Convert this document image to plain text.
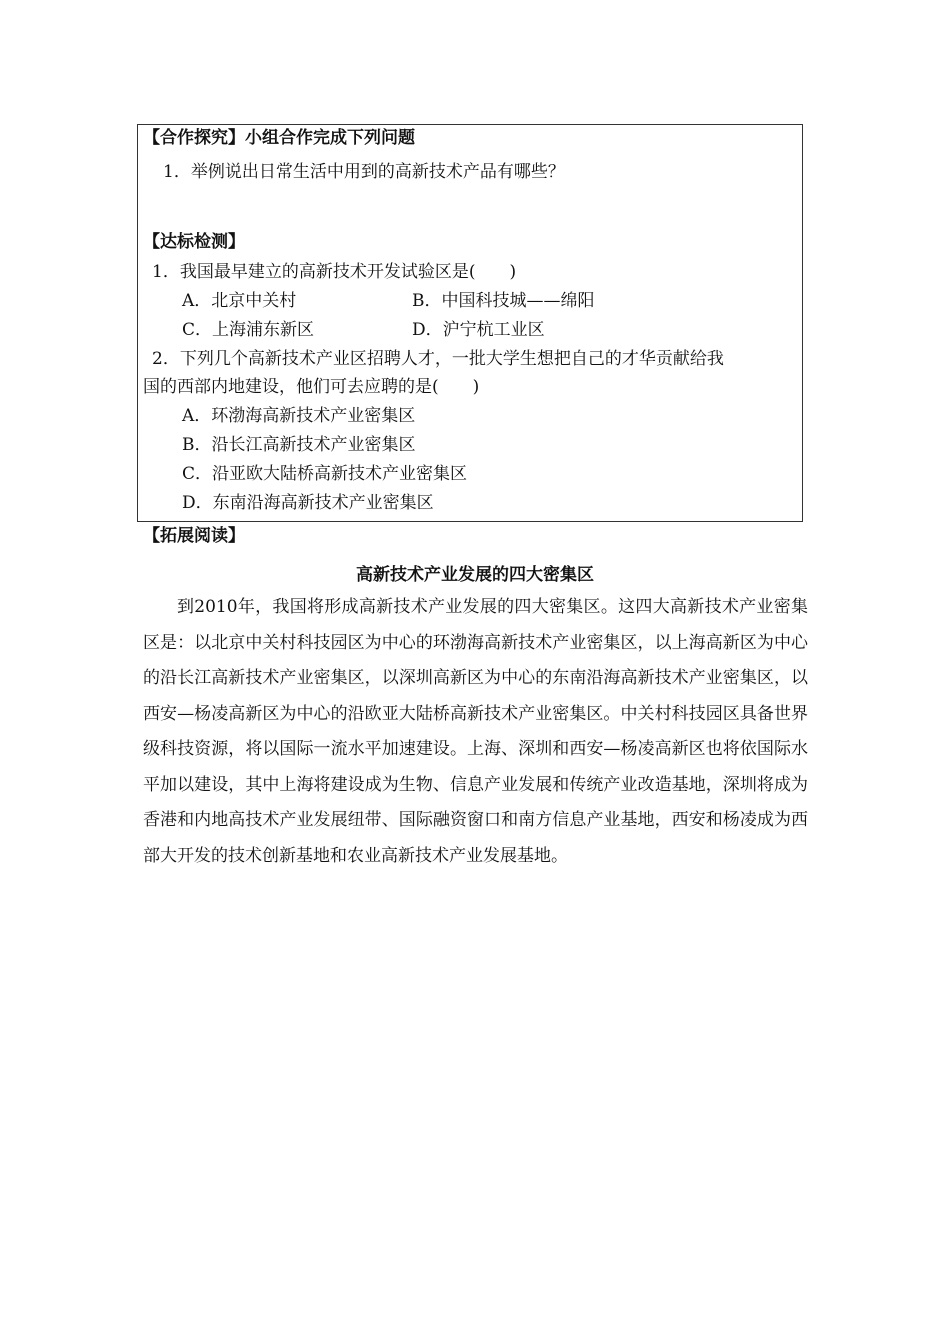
【合作探究】小组合作完成下列问题
1．举例说出日常生活中用到的高新技术产品有哪些？
【达标检测】
1．我国最早建立的高新技术开发试验区是(　　)
A．北京中关村	B．中国科技城——绵阳
C．上海浦东新区	D．沪宁杭工业区
2．下列几个高新技术产业区招聘人才，一批大学生想把自己的才华贡献给我
国的西部内地建设，他们可去应聘的是(　　)
A．环渤海高新技术产业密集区
B．沿长江高新技术产业密集区
C．沿亚欧大陆桥高新技术产业密集区
D．东南沿海高新技术产业密集区
【拓展阅读】
高新技术产业发展的四大密集区
到2010年，我国将形成高新技术产业发展的四大密集区。这四大高新技术产业密集区是：以北京中关村科技园区为中心的环渤海高新技术产业密集区，以上海高新区为中心的沿长江高新技术产业密集区，以深圳高新区为中心的东南沿海高新技术产业密集区，以西安—杨凌高新区为中心的沿欧亚大陆桥高新技术产业密集区。中关村科技园区具备世界级科技资源，将以国际一流水平加速建设。上海、深圳和西安—杨凌高新区也将依国际水平加以建设，其中上海将建设成为生物、信息产业发展和传统产业改造基地，深圳将成为香港和内地高技术产业发展纽带、国际融资窗口和南方信息产业基地，西安和杨凌成为西部大开发的技术创新基地和农业高新技术产业发展基地。
